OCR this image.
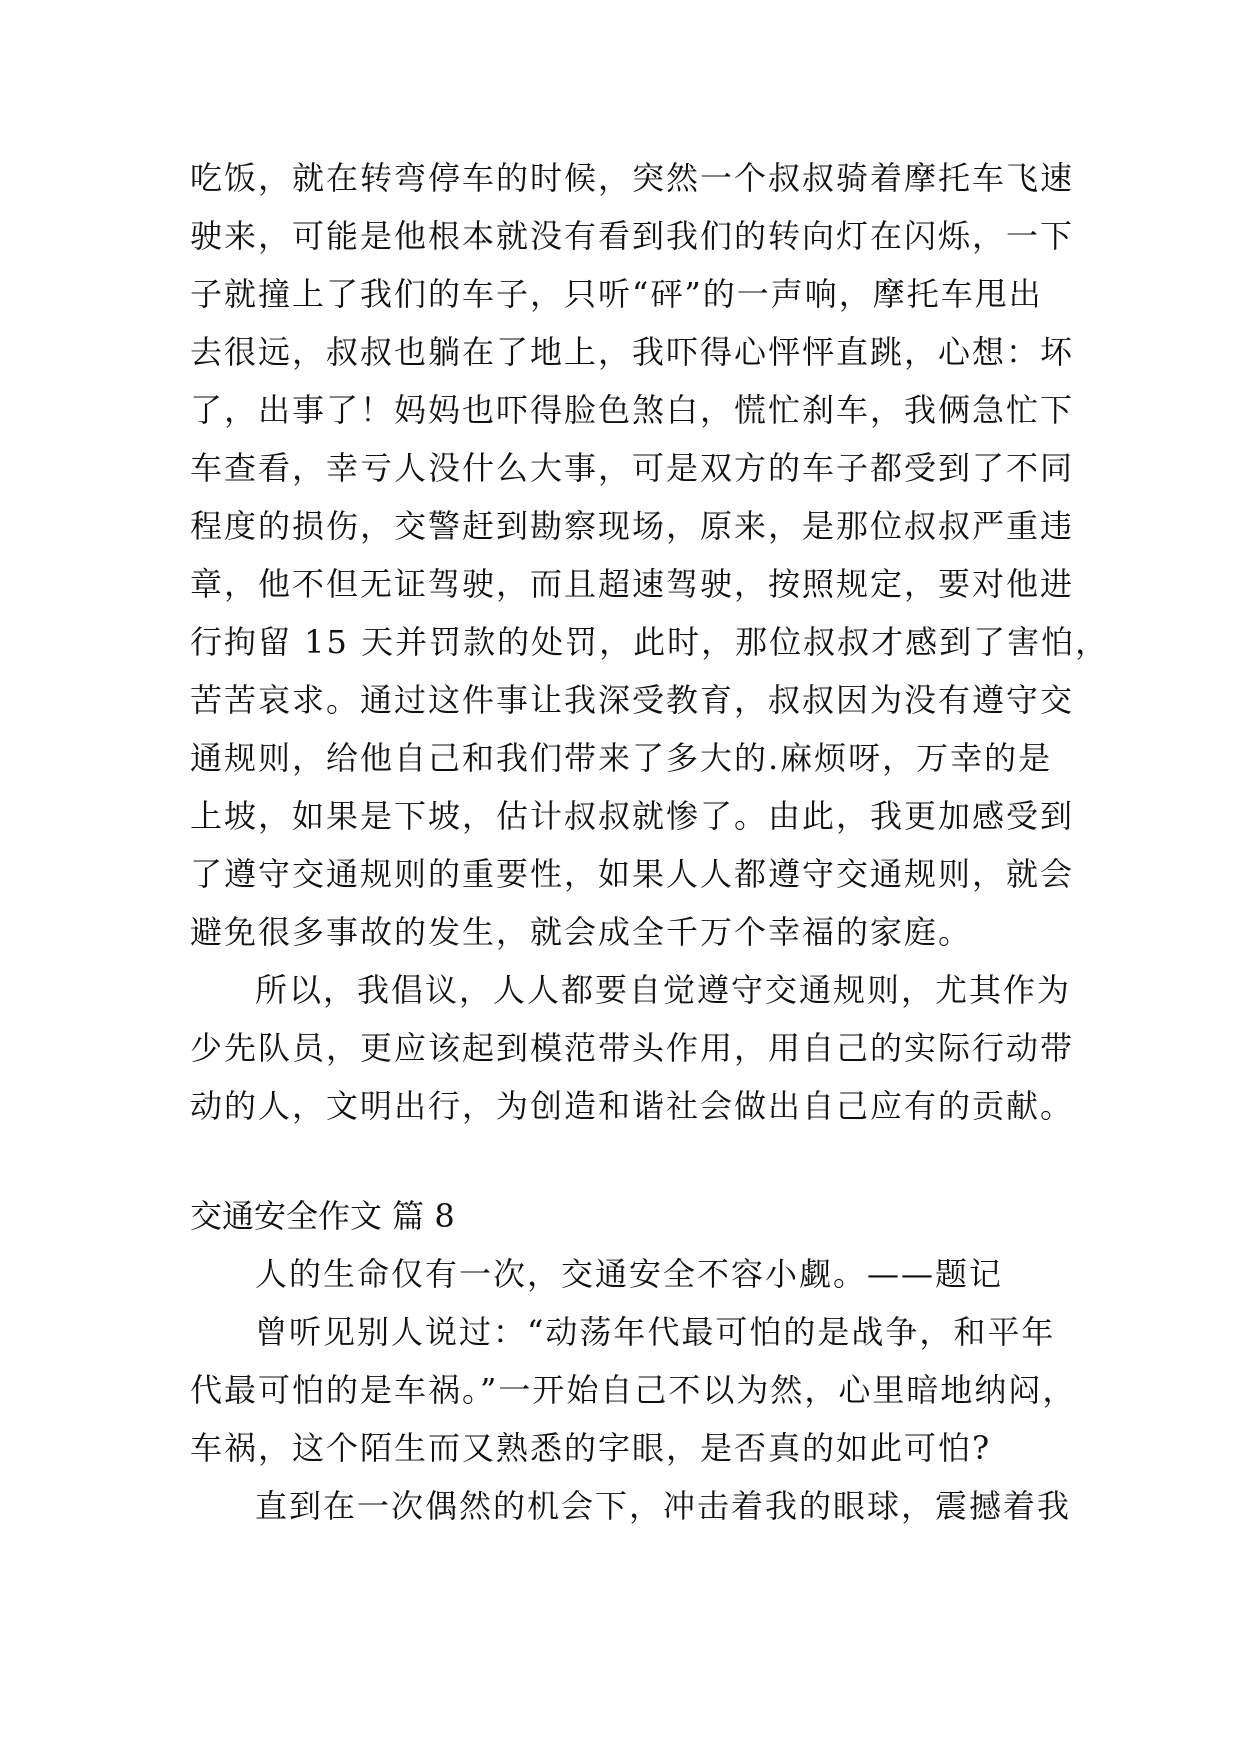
吃饭，就在转弯停车的时候，突然一个叔叔骑着摩托车飞速
驶来，可能是他根本就没有看到我们的转向灯在闪烁，一下
子就撞上了我们的车子，只听“砰”的一声响，摩托车甩出
去很远，叔叔也躺在了地上，我吓得心怦怦直跳，心想：坏
了，出事了！妈妈也吓得脸色煞白，慌忙刹车，我俩急忙下
车查看，幸亏人没什么大事，可是双方的车子都受到了不同
程度的损伤，交警赶到勘察现场，原来，是那位叔叔严重违
章，他不但无证驾驶，而且超速驾驶，按照规定，要对他进
行拘留 15 天并罚款的处罚，此时，那位叔叔才感到了害怕，
苦苦哀求。通过这件事让我深受教育，叔叔因为没有遵守交
通规则，给他自己和我们带来了多大的.麻烦呀，万幸的是
上坡，如果是下坡，估计叔叔就惨了。由此，我更加感受到
了遵守交通规则的重要性，如果人人都遵守交通规则，就会
避免很多事故的发生，就会成全千万个幸福的家庭。
所以，我倡议，人人都要自觉遵守交通规则，尤其作为
少先队员，更应该起到模范带头作用，用自己的实际行动带
动的人，文明出行，为创造和谐社会做出自己应有的贡献。
交通安全作文 篇 8
人的生命仅有一次，交通安全不容小觑。——题记
曾听见别人说过：“动荡年代最可怕的是战争，和平年
代最可怕的是车祸。”一开始自己不以为然，心里暗地纳闷，
车祸，这个陌生而又熟悉的字眼，是否真的如此可怕?
直到在一次偶然的机会下，冲击着我的眼球，震撼着我
